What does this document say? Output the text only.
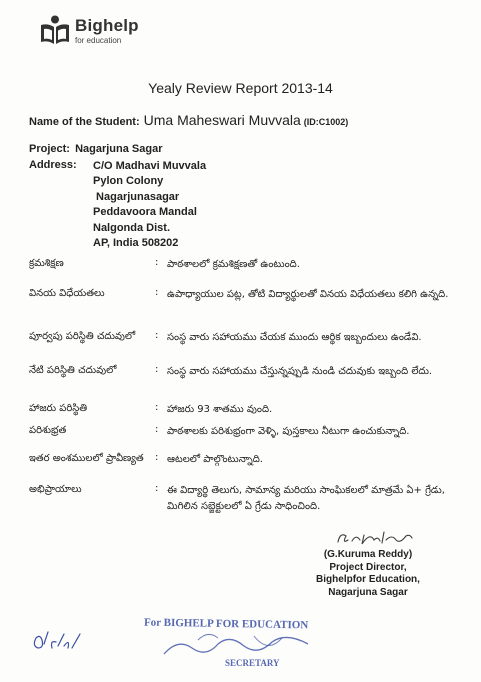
Bighelp
for education
Yealy Review Report 2013-14
Name of the Student: Uma Maheswari Muvvala (ID:C1002)
Project: Nagarjuna Sagar
Address: C/O Madhavi Muvvala
Pylon Colony
Nagarjunasagar
Peddavoora Mandal
Nalgonda Dist.
AP, India 508202
క్రమశిక్షణ	: పాఠశాలలో క్రమశిక్షణతో ఉంటుంది.
వినయ విధేయతలు	: ఉపాధ్యాయుల పట్ల, తోటి విద్యార్థులతో వినయ విధేయతలు కలిగి ఉన్నది.
పూర్వపు పరిస్థితి చదువులో : సంస్థ వారు సహాయము చేయక ముందు ఆర్థిక ఇబ్బందులు ఉండేవి.
నేటి పరిస్థితి చదువులో	: సంస్థ వారు సహాయము చేస్తున్నప్పుడి నుండి చదువుకు ఇబ్బంది లేదు.
హాజరు పరిస్థితి	: హాజరు 93 శాతము వుంది.
పరిశుభ్రత	: పాఠశాలకు పరిశుభ్రంగా వెళ్ళి, పుస్తకాలు నీటుగా ఉంచుకున్నాది.
ఇతర అంశములలో ప్రావీణ్యత : ఆటలలో పాల్గొంటున్నాది.
అభిప్రాయాలు	: ఈ విద్యార్థి తెలుగు, సామాన్య మరియు సాంఘికలలో మాత్రమే ఏ+ గ్రేడు, మిగిలిన సబ్జెక్టులలో ఏ గ్రేడు సాధించింది.
(G.Kuruma Reddy)
Project Director,
Bighelpfor Education,
Nagarjuna Sagar
For BIGHELP FOR EDUCATION
SECRETARY
